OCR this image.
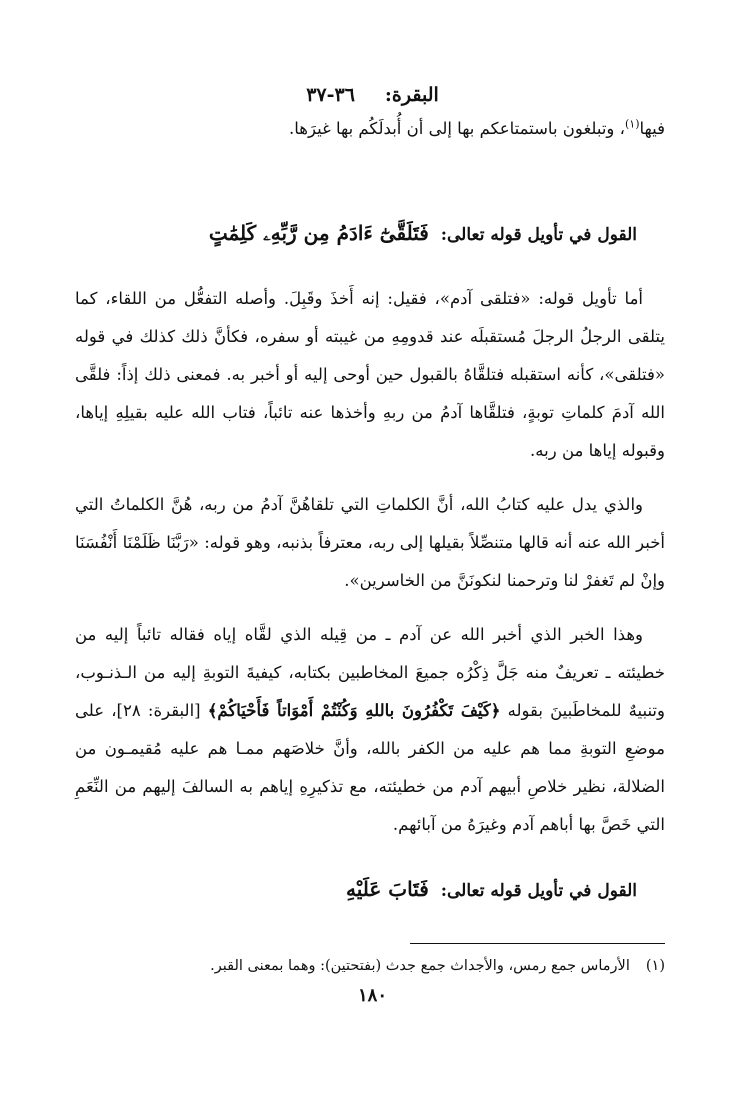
البقرة:٣٦-٣٧

فيها$^{(١)}$، وتبلغون باستمتاعكم بها إلى أن أُبدلَكُم بها غيرَها.

القول في تأويل قوله تعالى: فَتَلَقَّىٰٓ ءَادَمُ مِن رَّبِّهِۦ كَلِمَٰتٍ

أما تأويل قوله: «فتلقى آدم»، فقيل: إنه أَخذَ وقَبِلَ. وأصله التفعُّل من اللقاء، كما يتلقى الرجلُ الرجلَ مُستقبلَه عند قدومِهِ من غيبته أو سفره، فكأنَّ ذلك كذلك في قوله «فتلقى»، كأنه استقبله فتلقَّاهُ بالقبول حين أوحى إليه أو أخبر به. فمعنى ذلك إذاً: فلقَّى الله آدمَ كلماتِ توبةٍ، فتلقَّاها آدمُ من ربهِ وأخذها عنه تائباً، فتاب الله عليه بقيلِهِ إياها، وقبوله إياها من ربه.

والذي يدل عليه كتابُ الله، أنَّ الكلماتِ التي تلقاهُنَّ آدمُ من ربه، هُنَّ الكلماتُ التي أخبر الله عنه أنه قالها متنصِّلاً بقيلها إلى ربه، معترفاً بذنبه، وهو قوله: «رَبَّنَا ظَلَمْنَا أَنْفُسَنَا وإنْ لم تَغفرْ لنا وترحمنا لنكونَنَّ من الخاسرين».

وهذا الخبر الذي أخبر الله عن آدم ـ من قِيله الذي لقَّاه إياه فقاله تائباً إليه من خطيئته ـ تعريفٌ منه جَلَّ ذِكْرُه جميعَ المخاطبين بكتابه، كيفيةَ التوبةِ إليه من الـذنـوب، وتنبيهٌ للمخاطَبينَ بقوله ﴿كَيْفَ تَكْفُرُونَ باللهِ وَكُنْتُمْ أَمْوَاتاً فَأَحْيَاكُمْ﴾ [البقرة: ٢٨]، على موضعِ التوبةِ مما هم عليه من الكفر بالله، وأنَّ خلاصَهم ممـا هم عليه مُقيمـون من الضلالة، نظير خلاصِ أبيهم آدم من خطيئته، مع تذكيرِهِ إياهم به السالفَ إليهم من النِّعَمِ التي خَصَّ بها أباهم آدم وغيرَهُ من آبائهم.

القول في تأويل قوله تعالى: فَتَابَ عَلَيْهِ
(١)الأرماس جمع رمس، والأجداث جمع جدث (بفتحتين): وهما بمعنى القبر.
١٨٠
